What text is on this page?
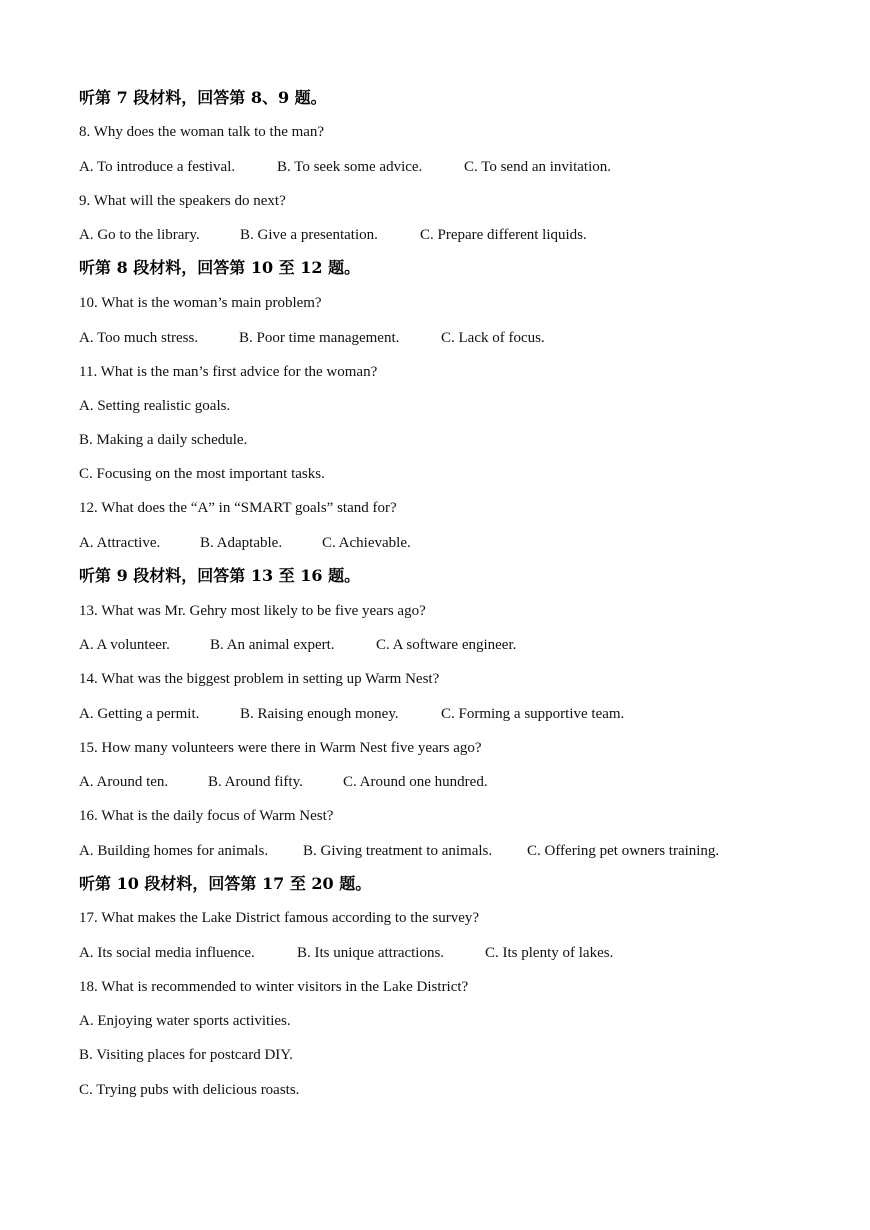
听第 7 段材料，回答第 8、9 题。
8. Why does the woman talk to the man?
A. To introduce a festival.	B. To seek some advice.	C. To send an invitation.
9. What will the speakers do next?
A. Go to the library.	B. Give a presentation.	C. Prepare different liquids.
听第 8 段材料，回答第 10 至 12 题。
10. What is the woman’s main problem?
A. Too much stress.	B. Poor time management.	C. Lack of focus.
11. What is the man’s first advice for the woman?
A. Setting realistic goals.
B. Making a daily schedule.
C. Focusing on the most important tasks.
12. What does the “A” in “SMART goals” stand for?
A. Attractive.	B. Adaptable.	C. Achievable.
听第 9 段材料，回答第 13 至 16 题。
13. What was Mr. Gehry most likely to be five years ago?
A. A volunteer.	B. An animal expert.	C. A software engineer.
14. What was the biggest problem in setting up Warm Nest?
A. Getting a permit.	B. Raising enough money.	C. Forming a supportive team.
15. How many volunteers were there in Warm Nest five years ago?
A. Around ten.	B. Around fifty.	C. Around one hundred.
16. What is the daily focus of Warm Nest?
A. Building homes for animals. B. Giving treatment to animals. C. Offering pet owners training.
听第 10 段材料，回答第 17 至 20 题。
17. What makes the Lake District famous according to the survey?
A. Its social media influence.	B. Its unique attractions.	C. Its plenty of lakes.
18. What is recommended to winter visitors in the Lake District?
A. Enjoying water sports activities.
B. Visiting places for postcard DIY.
C. Trying pubs with delicious roasts.
